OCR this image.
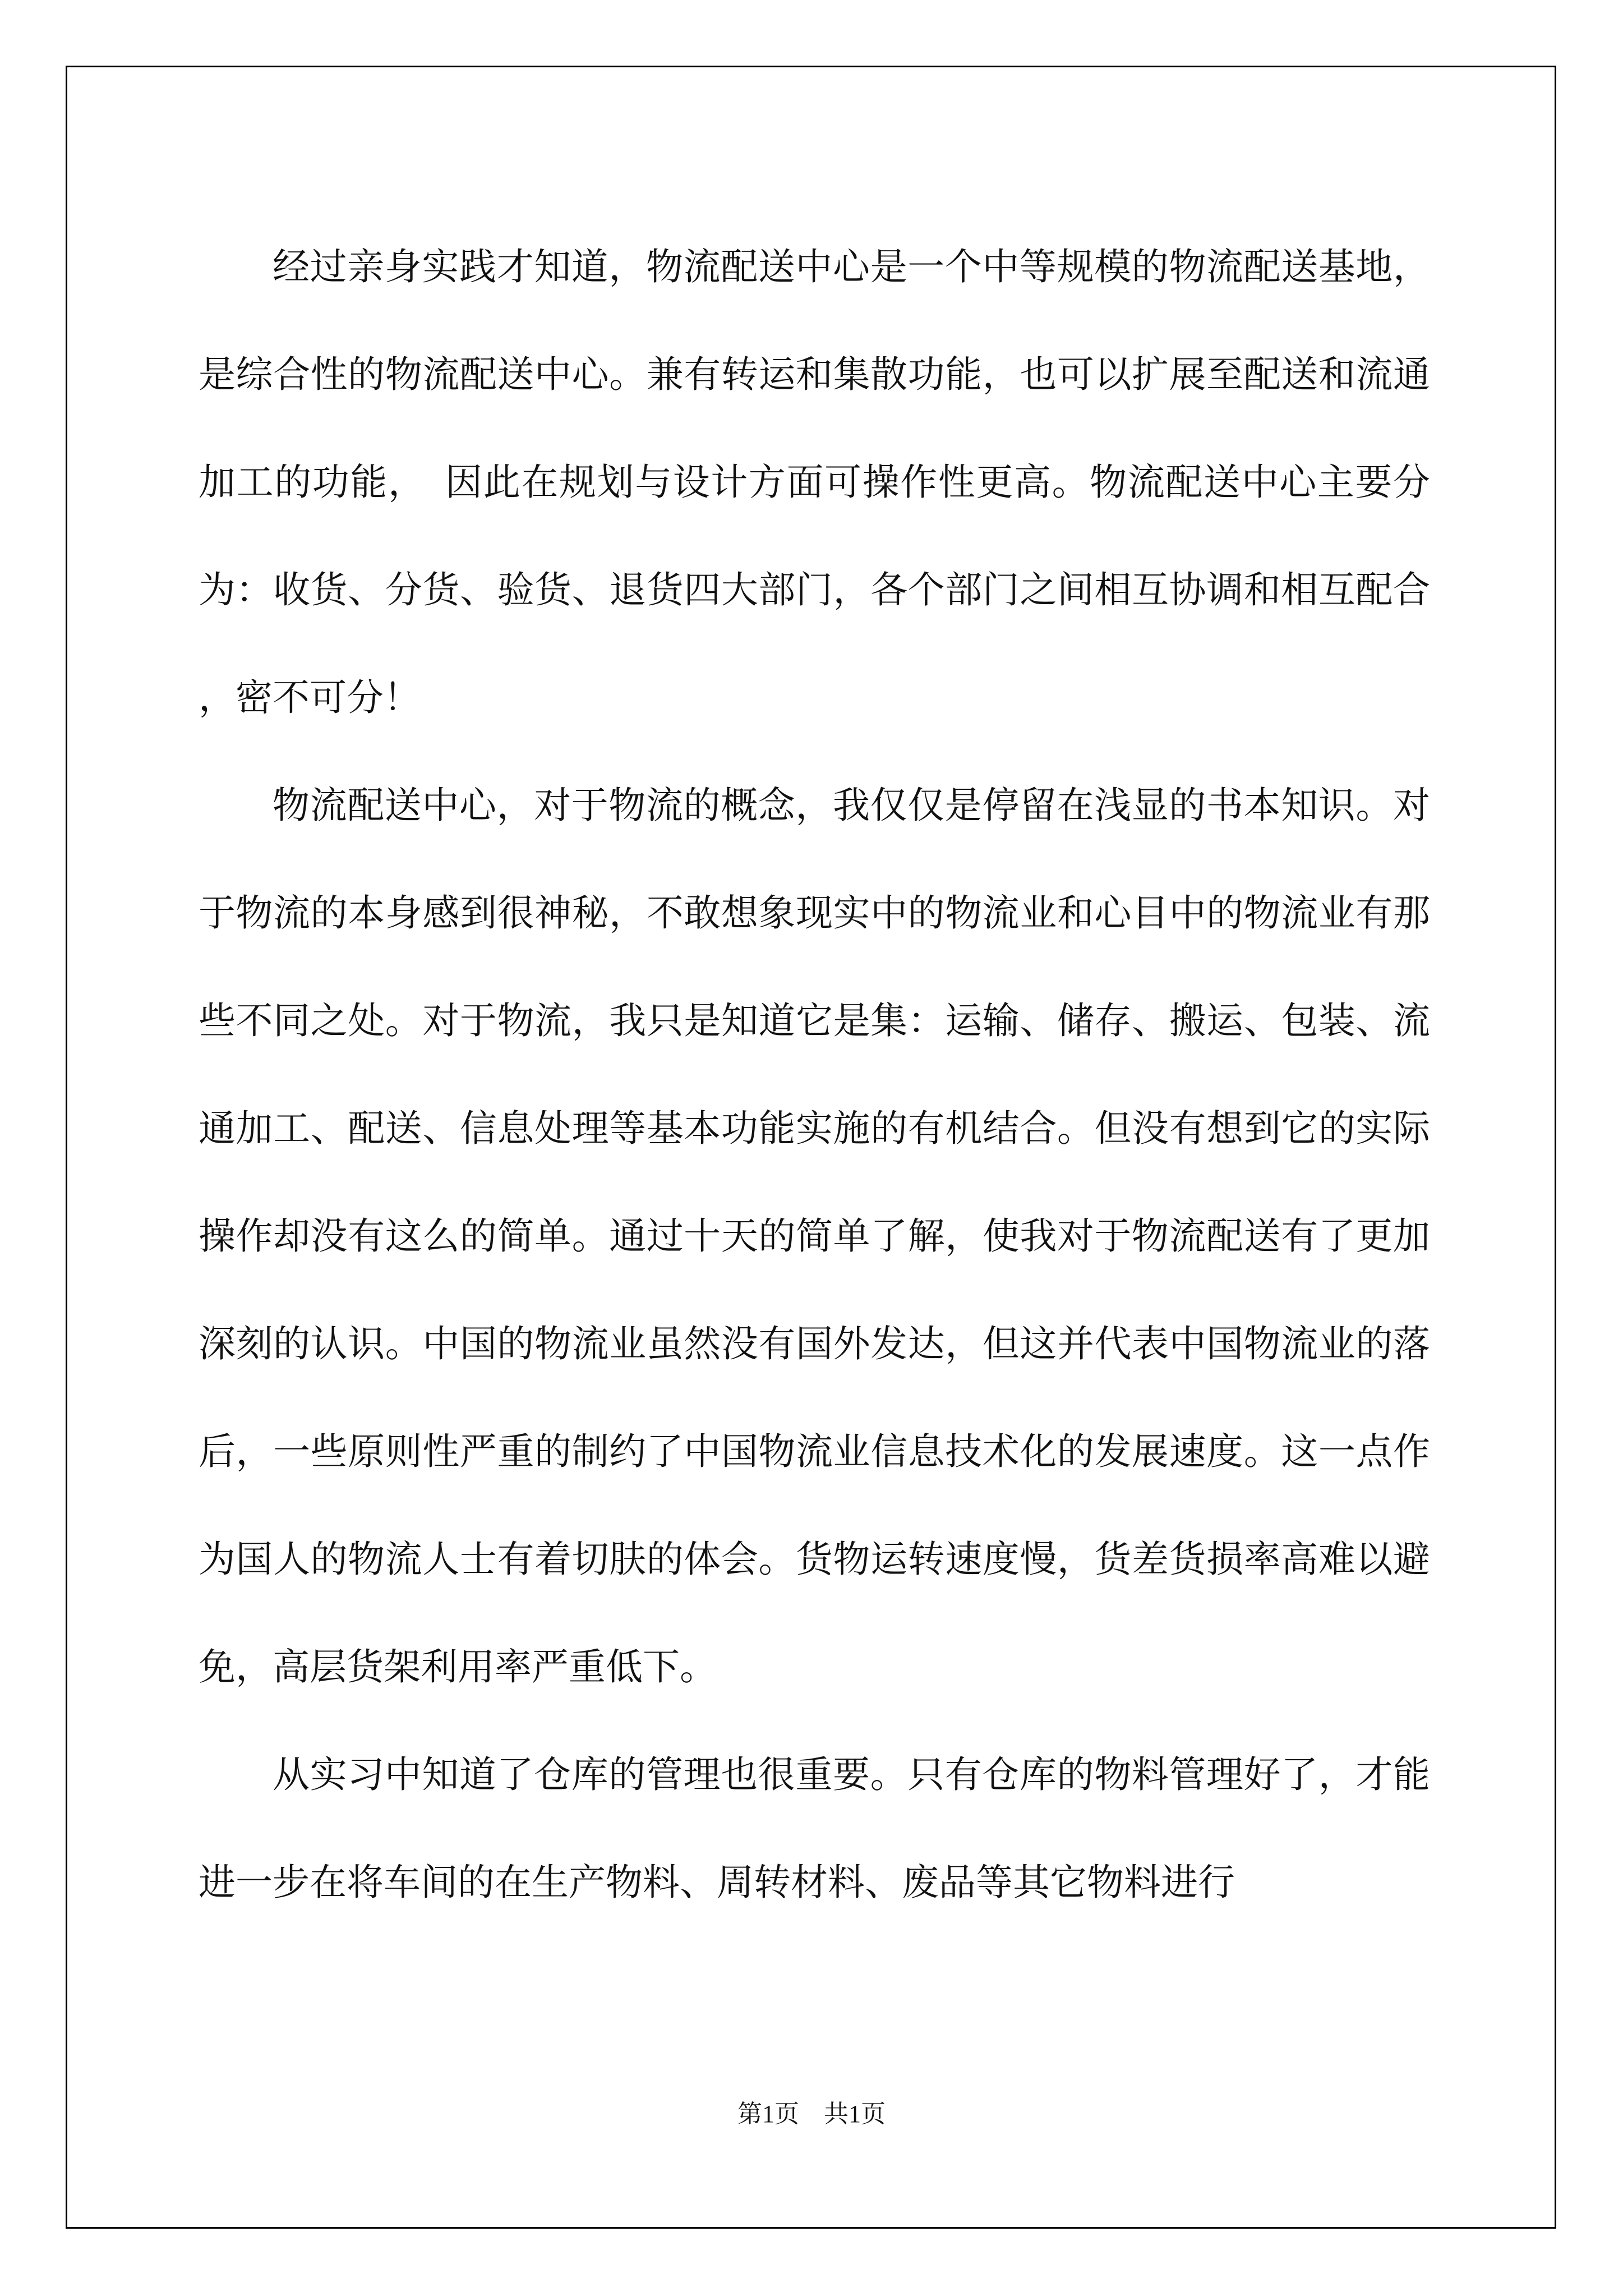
经过亲身实践才知道，物流配送中心是一个中等规模的物流配送基地，是综合性的物流配送中心。兼有转运和集散功能，也可以扩展至配送和流通加工的功能，　因此在规划与设计方面可操作性更高。物流配送中心主要分为：收货、分货、验货、退货四大部门，各个部门之间相互协调和相互配合，密不可分！

物流配送中心，对于物流的概念，我仅仅是停留在浅显的书本知识。对于物流的本身感到很神秘，不敢想象现实中的物流业和心目中的物流业有那些不同之处。对于物流，我只是知道它是集：运输、储存、搬运、包装、流通加工、配送、信息处理等基本功能实施的有机结合。但没有想到它的实际操作却没有这么的简单。通过十天的简单了解，使我对于物流配送有了更加深刻的认识。中国的物流业虽然没有国外发达，但这并代表中国物流业的落后，一些原则性严重的制约了中国物流业信息技术化的发展速度。这一点作为国人的物流人士有着切肤的体会。货物运转速度慢，货差货损率高难以避免，高层货架利用率严重低下。

从实习中知道了仓库的管理也很重要。只有仓库的物料管理好了，才能进一步在将车间的在生产物料、周转材料、废品等其它物料进行

第1页　共1页
